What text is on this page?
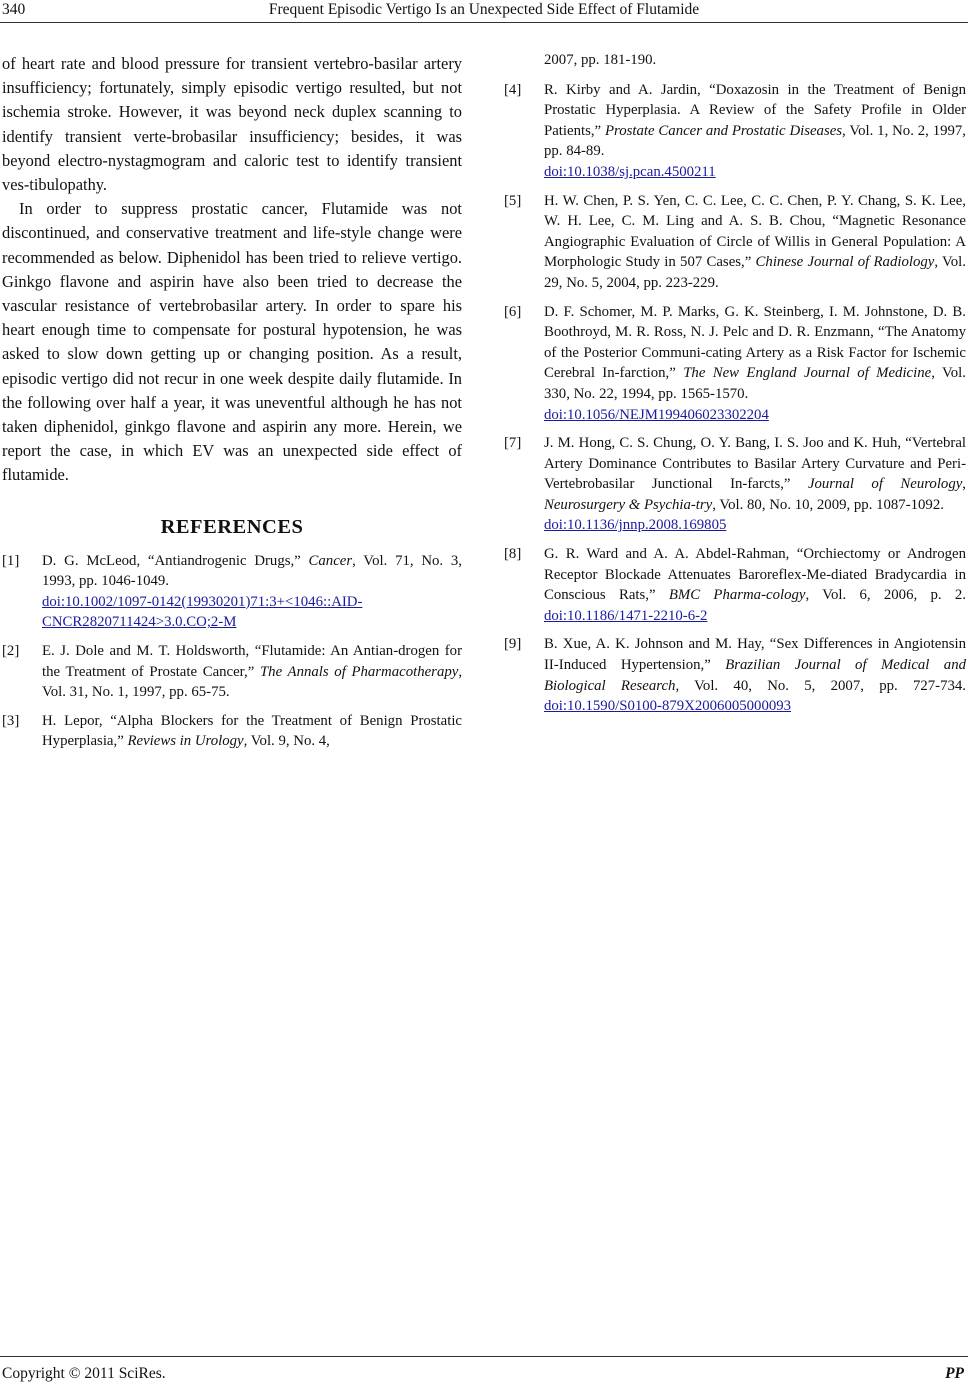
340	Frequent Episodic Vertigo Is an Unexpected Side Effect of Flutamide

of heart rate and blood pressure for transient vertebro-basilar artery insufficiency; fortunately, simply episodic vertigo resulted, but not ischemia stroke. However, it was beyond neck duplex scanning to identify transient verte-brobasilar insufficiency; besides, it was beyond electro-nystagmogram and caloric test to identify transient ves-tibulopathy.

In order to suppress prostatic cancer, Flutamide was not discontinued, and conservative treatment and life-style change were recommended as below. Diphenidol has been tried to relieve vertigo. Ginkgo flavone and aspirin have also been tried to decrease the vascular resistance of vertebrobasilar artery. In order to spare his heart enough time to compensate for postural hypotension, he was asked to slow down getting up or changing position. As a result, episodic vertigo did not recur in one week despite daily flutamide. In the following over half a year, it was uneventful although he has not taken diphenidol, ginkgo flavone and aspirin any more. Herein, we report the case, in which EV was an unexpected side effect of flutamide.

REFERENCES
[1] D. G. McLeod, “Antiandrogenic Drugs,” Cancer, Vol. 71, No. 3, 1993, pp. 1046-1049.
doi:10.1002/1097-0142(19930201)71:3+<1046::AID-CNCR2820711424>3.0.CO;2-M
[2] E. J. Dole and M. T. Holdsworth, “Flutamide: An Antian-drogen for the Treatment of Prostate Cancer,” The Annals of Pharmacotherapy, Vol. 31, No. 1, 1997, pp. 65-75.
[3] H. Lepor, “Alpha Blockers for the Treatment of Benign Prostatic Hyperplasia,” Reviews in Urology, Vol. 9, No. 4,
2007, pp. 181-190.
[4] R. Kirby and A. Jardin, “Doxazosin in the Treatment of Benign Prostatic Hyperplasia. A Review of the Safety Profile in Older Patients,” Prostate Cancer and Prostatic Diseases, Vol. 1, No. 2, 1997, pp. 84-89.
doi:10.1038/sj.pcan.4500211
[5] H. W. Chen, P. S. Yen, C. C. Lee, C. C. Chen, P. Y. Chang, S. K. Lee, W. H. Lee, C. M. Ling and A. S. B. Chou, “Magnetic Resonance Angiographic Evaluation of Circle of Willis in General Population: A Morphologic Study in 507 Cases,” Chinese Journal of Radiology, Vol. 29, No. 5, 2004, pp. 223-229.
[6] D. F. Schomer, M. P. Marks, G. K. Steinberg, I. M. Johnstone, D. B. Boothroyd, M. R. Ross, N. J. Pelc and D. R. Enzmann, “The Anatomy of the Posterior Communi-cating Artery as a Risk Factor for Ischemic Cerebral In-farction,” The New England Journal of Medicine, Vol. 330, No. 22, 1994, pp. 1565-1570.
doi:10.1056/NEJM199406023302204
[7] J. M. Hong, C. S. Chung, O. Y. Bang, I. S. Joo and K. Huh, “Vertebral Artery Dominance Contributes to Basilar Artery Curvature and Peri-Vertebrobasilar Junctional In-farcts,” Journal of Neurology, Neurosurgery & Psychia-try, Vol. 80, No. 10, 2009, pp. 1087-1092.
doi:10.1136/jnnp.2008.169805
[8] G. R. Ward and A. A. Abdel-Rahman, “Orchiectomy or Androgen Receptor Blockade Attenuates Baroreflex-Me-diated Bradycardia in Conscious Rats,” BMC Pharma-cology, Vol. 6, 2006, p. 2. doi:10.1186/1471-2210-6-2
[9] B. Xue, A. K. Johnson and M. Hay, “Sex Differences in Angiotensin II-Induced Hypertension,” Brazilian Journal of Medical and Biological Research, Vol. 40, No. 5, 2007, pp. 727-734. doi:10.1590/S0100-879X2006005000093
Copyright © 2011 SciRes.	PP
